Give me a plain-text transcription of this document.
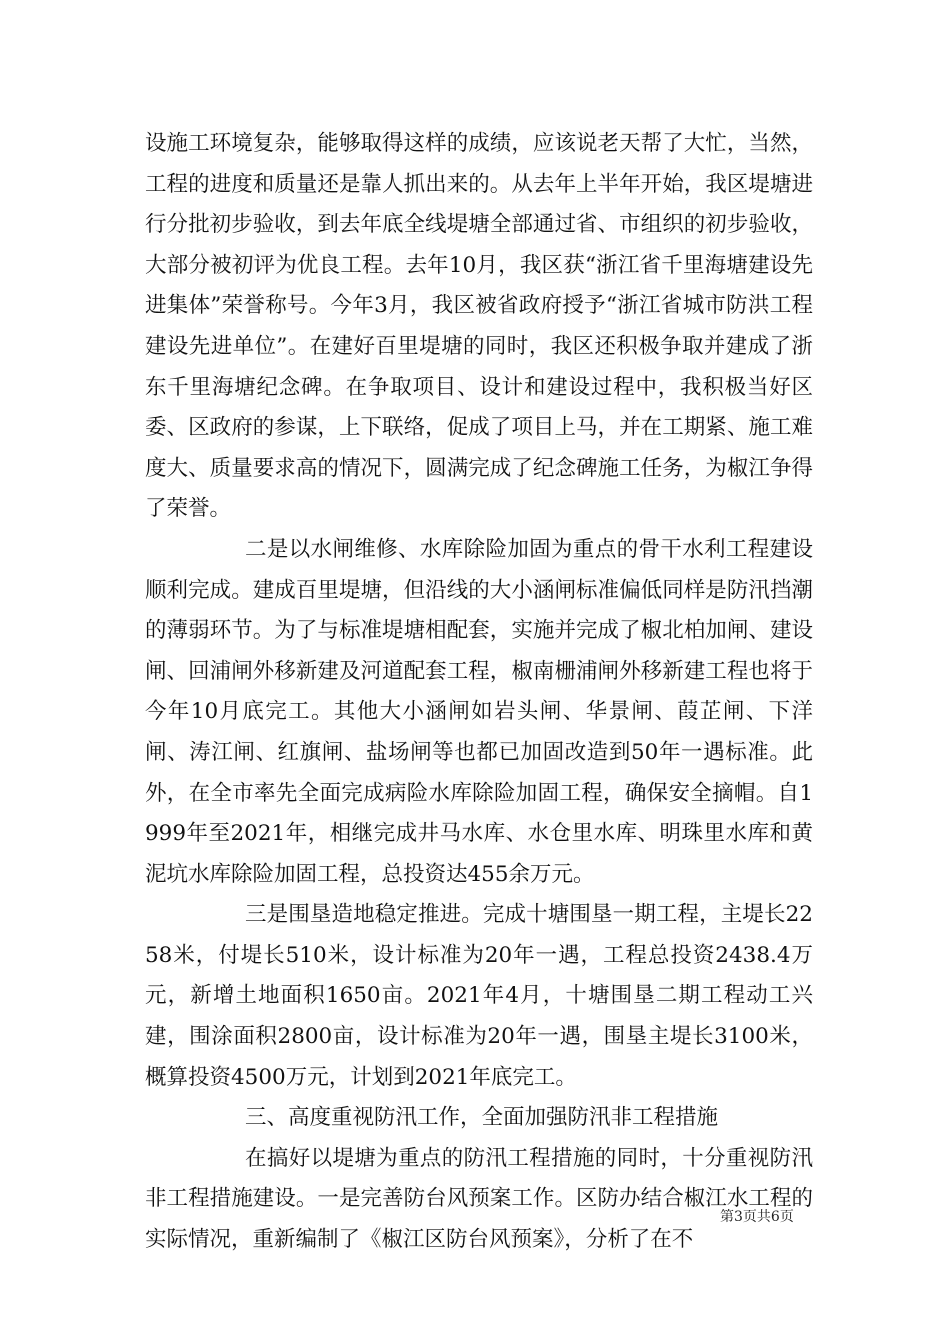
设施工环境复杂，能够取得这样的成绩，应该说老天帮了大忙，当然，工程的进度和质量还是靠人抓出来的。从去年上半年开始，我区堤塘进行分批初步验收，到去年底全线堤塘全部通过省、市组织的初步验收，大部分被初评为优良工程。去年10月，我区获“浙江省千里海塘建设先进集体”荣誉称号。今年3月，我区被省政府授予“浙江省城市防洪工程建设先进单位”。在建好百里堤塘的同时，我区还积极争取并建成了浙东千里海塘纪念碑。在争取项目、设计和建设过程中，我积极当好区委、区政府的参谋，上下联络，促成了项目上马，并在工期紧、施工难度大、质量要求高的情况下，圆满完成了纪念碑施工任务，为椒江争得了荣誉。

二是以水闸维修、水库除险加固为重点的骨干水利工程建设顺利完成。建成百里堤塘，但沿线的大小涵闸标准偏低同样是防汛挡潮的薄弱环节。为了与标准堤塘相配套，实施并完成了椒北柏加闸、建设闸、回浦闸外移新建及河道配套工程，椒南栅浦闸外移新建工程也将于今年10月底完工。其他大小涵闸如岩头闸、华景闸、葭芷闸、下洋闸、涛江闸、红旗闸、盐场闸等也都已加固改造到50年一遇标准。此外，在全市率先全面完成病险水库除险加固工程，确保安全摘帽。自1999年至2021年，相继完成井马水库、水仓里水库、明珠里水库和黄泥坑水库除险加固工程，总投资达455余万元。

三是围垦造地稳定推进。完成十塘围垦一期工程，主堤长2258米，付堤长510米，设计标准为20年一遇，工程总投资2438.4万元，新增土地面积1650亩。2021年4月，十塘围垦二期工程动工兴建，围涂面积2800亩，设计标准为20年一遇，围垦主堤长3100米，概算投资4500万元，计划到2021年底完工。

三、高度重视防汛工作，全面加强防汛非工程措施

在搞好以堤塘为重点的防汛工程措施的同时，十分重视防汛非工程措施建设。一是完善防台风预案工作。区防办结合椒江水工程的实际情况，重新编制了《椒江区防台风预案》，分析了在不

第3页共6页
